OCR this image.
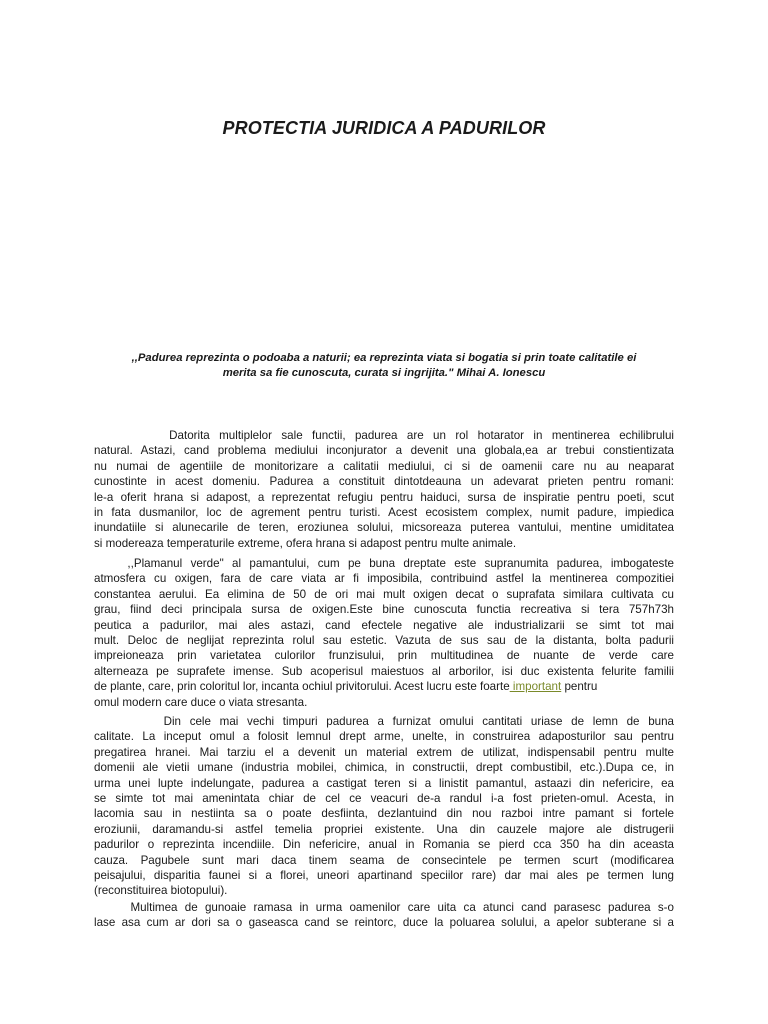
PROTECTIA JURIDICA A PADURILOR
,,Padurea reprezinta o podoaba a naturii; ea reprezinta viata si bogatia si prin toate calitatile ei
merita sa fie cunoscuta, curata si ingrijita." Mihai A. Ionescu
Datorita multiplelor sale functii, padurea are un rol hotarator in mentinerea echilibrului
natural. Astazi, cand problema mediului inconjurator a devenit una globala,ea ar trebui constientizata
nu numai de agentiile de monitorizare a calitatii mediului, ci si de oamenii care nu au neaparat
cunostinte in acest domeniu. Padurea a constituit dintotdeauna un adevarat prieten pentru romani:
le-a oferit hrana si adapost, a reprezentat refugiu pentru haiduci, sursa de inspiratie pentru poeti, scut
in fata dusmanilor, loc de agrement pentru turisti. Acest ecosistem complex, numit padure, impiedica
inundatiile si alunecarile de teren, eroziunea solului, micsoreaza puterea vantului, mentine umiditatea
si modereaza temperaturile extreme, ofera hrana si adapost pentru multe animale.
,,Plamanul verde" al pamantului, cum pe buna dreptate este supranumita padurea, imbogateste
atmosfera cu oxigen, fara de care viata ar fi imposibila, contribuind astfel la mentinerea compozitiei
constantea aerului. Ea elimina de 50 de ori mai mult oxigen decat o suprafata similara cultivata cu
grau, fiind deci principala sursa de oxigen.Este bine cunoscuta functia recreativa si tera 757h73h
peutica a padurilor, mai ales astazi, cand efectele negative ale industrializarii se simt tot mai
mult. Deloc de neglijat reprezinta rolul sau estetic. Vazuta de sus sau de la distanta, bolta padurii
impreioneaza prin varietatea culorilor frunzisului, prin multitudinea de nuante de verde care
alterneaza pe suprafete imense. Sub acoperisul maiestuos al arborilor, isi duc existenta felurite familii
de plante, care, prin coloritul lor, incanta ochiul privitorului. Acest lucru este foarte important pentru
omul modern care duce o viata stresanta.
Din cele mai vechi timpuri padurea a furnizat omului cantitati uriase de lemn de buna
calitate. La inceput omul a folosit lemnul drept arme, unelte, in construirea adaposturilor sau pentru
pregatirea hranei. Mai tarziu el a devenit un material extrem de utilizat, indispensabil pentru multe
domenii ale vietii umane (industria mobilei, chimica, in constructii, drept combustibil, etc.).Dupa ce, in
urma unei lupte indelungate, padurea a castigat teren si a linistit pamantul, astaazi din nefericire, ea
se simte tot mai amenintata chiar de cel ce veacuri de-a randul i-a fost prieten-omul. Acesta, in
lacomia sau in nestiinta sa o poate desfiinta, dezlantuind din nou razboi intre pamant si fortele
eroziunii, daramandu-si astfel temelia propriei existente. Una din cauzele majore ale distrugerii
padurilor o reprezinta incendiile. Din nefericire, anual in Romania se pierd cca 350 ha din aceasta
cauza. Pagubele sunt mari daca tinem seama de consecintele pe termen scurt (modificarea
peisajului, disparitia faunei si a florei, uneori apartinand speciilor rare) dar mai ales pe termen lung
(reconstituirea biotopului).
Multimea de gunoaie ramasa in urma oamenilor care uita ca atunci cand parasesc padurea s-o
lase asa cum ar dori sa o gaseasca cand se reintorc, duce la poluarea solului, a apelor subterane si a
